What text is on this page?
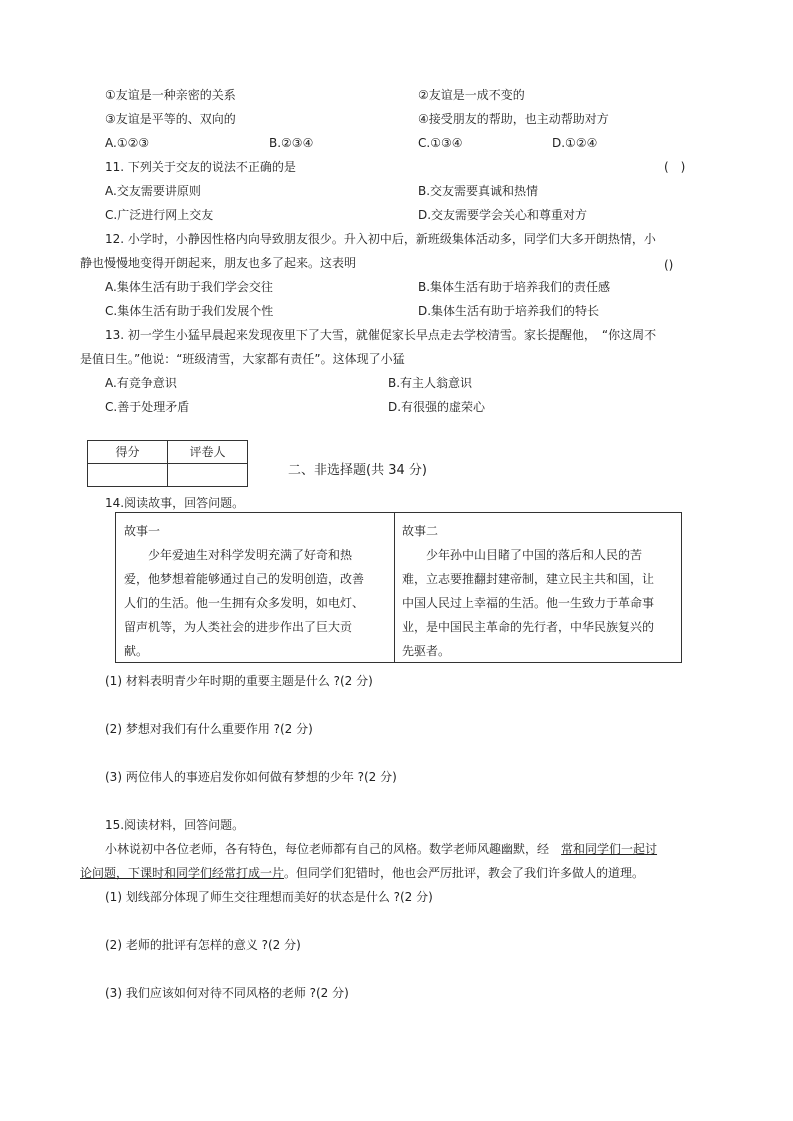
①友谊是一种亲密的关系	②友谊是一成不变的
③友谊是平等的、双向的	④接受朋友的帮助，也主动帮助对方
A.①②③	B.②③④	C.①③④	D.①②④
11. 下列关于交友的说法不正确的是	(　)
A.交友需要讲原则	B.交友需要真诚和热情
C.广泛进行网上交友	D.交友需要学会关心和尊重对方
12. 小学时，小静因性格内向导致朋友很少。升入初中后，新班级集体活动多，同学们大多开朗热情，小
静也慢慢地变得开朗起来，朋友也多了起来。这表明	()
A.集体生活有助于我们学会交往	B.集体生活有助于培养我们的责任感
C.集体生活有助于我们发展个性	D.集体生活有助于培养我们的特长
13. 初一学生小猛早晨起来发现夜里下了大雪，就催促家长早点走去学校清雪。家长提醒他，　“你这周不
是值日生。”他说：“班级清雪，大家都有责任”。这体现了小猛
A.有竞争意识	B.有主人翁意识
C.善于处理矛盾	D.有很强的虚荣心
得分	评卷人

二、非选择题(共 34 分)
14.阅读故事，回答问题。
故事一
　　少年爱迪生对科学发明充满了好奇和热
爱，他梦想着能够通过自己的发明创造，改善
人们的生活。他一生拥有众多发明，如电灯、
留声机等，为人类社会的进步作出了巨大贡
献。
故事二
　　少年孙中山目睹了中国的落后和人民的苦
难，立志要推翻封建帝制，建立民主共和国，让
中国人民过上幸福的生活。他一生致力于革命事
业，是中国民主革命的先行者，中华民族复兴的
先驱者。
(1) 材料表明青少年时期的重要主题是什么 ?(2 分)
(2) 梦想对我们有什么重要作用 ?(2 分)
(3) 两位伟人的事迹启发你如何做有梦想的少年 ?(2 分)
15.阅读材料，回答问题。
小林说初中各位老师，各有特色，每位老师都有自己的风格。数学老师风趣幽默，经　常和同学们一起讨
论问题，下课时和同学们经常打成一片。但同学们犯错时，他也会严厉批评，教会了我们许多做人的道理。
(1) 划线部分体现了师生交往理想而美好的状态是什么 ?(2 分)
(2) 老师的批评有怎样的意义 ?(2 分)
(3) 我们应该如何对待不同风格的老师 ?(2 分)
